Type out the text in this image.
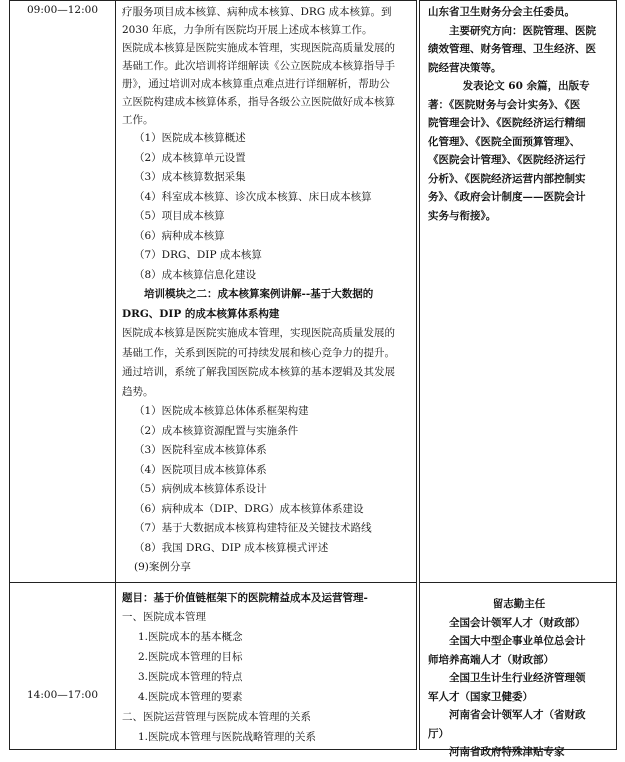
09:00—12:00 疗服务项目成本核算、病种成本核算、DRG 成本核算。到

2030 年底，力争所有医院均开展上述成本核算工作。

医院成本核算是医院实施成本管理，实现医院高质量发展的

基础工作。此次培训将详细解读《公立医院成本核算指导手

册》，通过培训对成本核算重点难点进行详细解析，帮助公

立医院构建成本核算体系，指导各级公立医院做好成本核算

工作。

（1）医院成本核算概述

（2）成本核算单元设置

（3）成本核算数据采集

（4）科室成本核算、诊次成本核算、床日成本核算

（5）项目成本核算

（6）病种成本核算

（7）DRG、DIP 成本核算

（8）成本核算信息化建设

培训模块之二：成本核算案例讲解--基于大数据的

DRG、DIP 的成本核算体系构建

医院成本核算是医院实施成本管理，实现医院高质量发展的

基础工作，关系到医院的可持续发展和核心竞争力的提升。

通过培训，系统了解我国医院成本核算的基本逻辑及其发展

趋势。

（1）医院成本核算总体体系框架构建

（2）成本核算资源配置与实施条件

（3）医院科室成本核算体系

（4）医院项目成本核算体系

（5）病例成本核算体系设计

（6）病种成本（DIP、DRG）成本核算体系建设

（7）基于大数据成本核算构建特征及关键技术路线

（8）我国 DRG、DIP 成本核算模式评述

(9)案例分享

山东省卫生财务分会主任委员。

主要研究方向：医院管理、医院

绩效管理、财务管理、卫生经济、医

院经营决策等。

发表论文 60 余篇，出版专

著：《医院财务与会计实务》、《医

院管理会计》、《医院经济运行精细

化管理》、《医院全面预算管理》、

《医院会计管理》、《医院经济运行

分析》、《医院经济运营内部控制实

务》、《政府会计制度——医院会计

实务与衔接》。

14:00—17:00

题目：基于价值链框架下的医院精益成本及运营管理-

一、医院成本管理

1.医院成本的基本概念

2.医院成本管理的目标

3.医院成本管理的特点

4.医院成本管理的要素

二、医院运营管理与医院成本管理的关系

1.医院成本管理与医院战略管理的关系

留志勤主任

全国会计领军人才（财政部）

全国大中型企事业单位总会计

师培养高端人才（财政部）

全国卫生计生行业经济管理领

军人才（国家卫健委）

河南省会计领军人才（省财政

厅）

河南省政府特殊津贴专家
